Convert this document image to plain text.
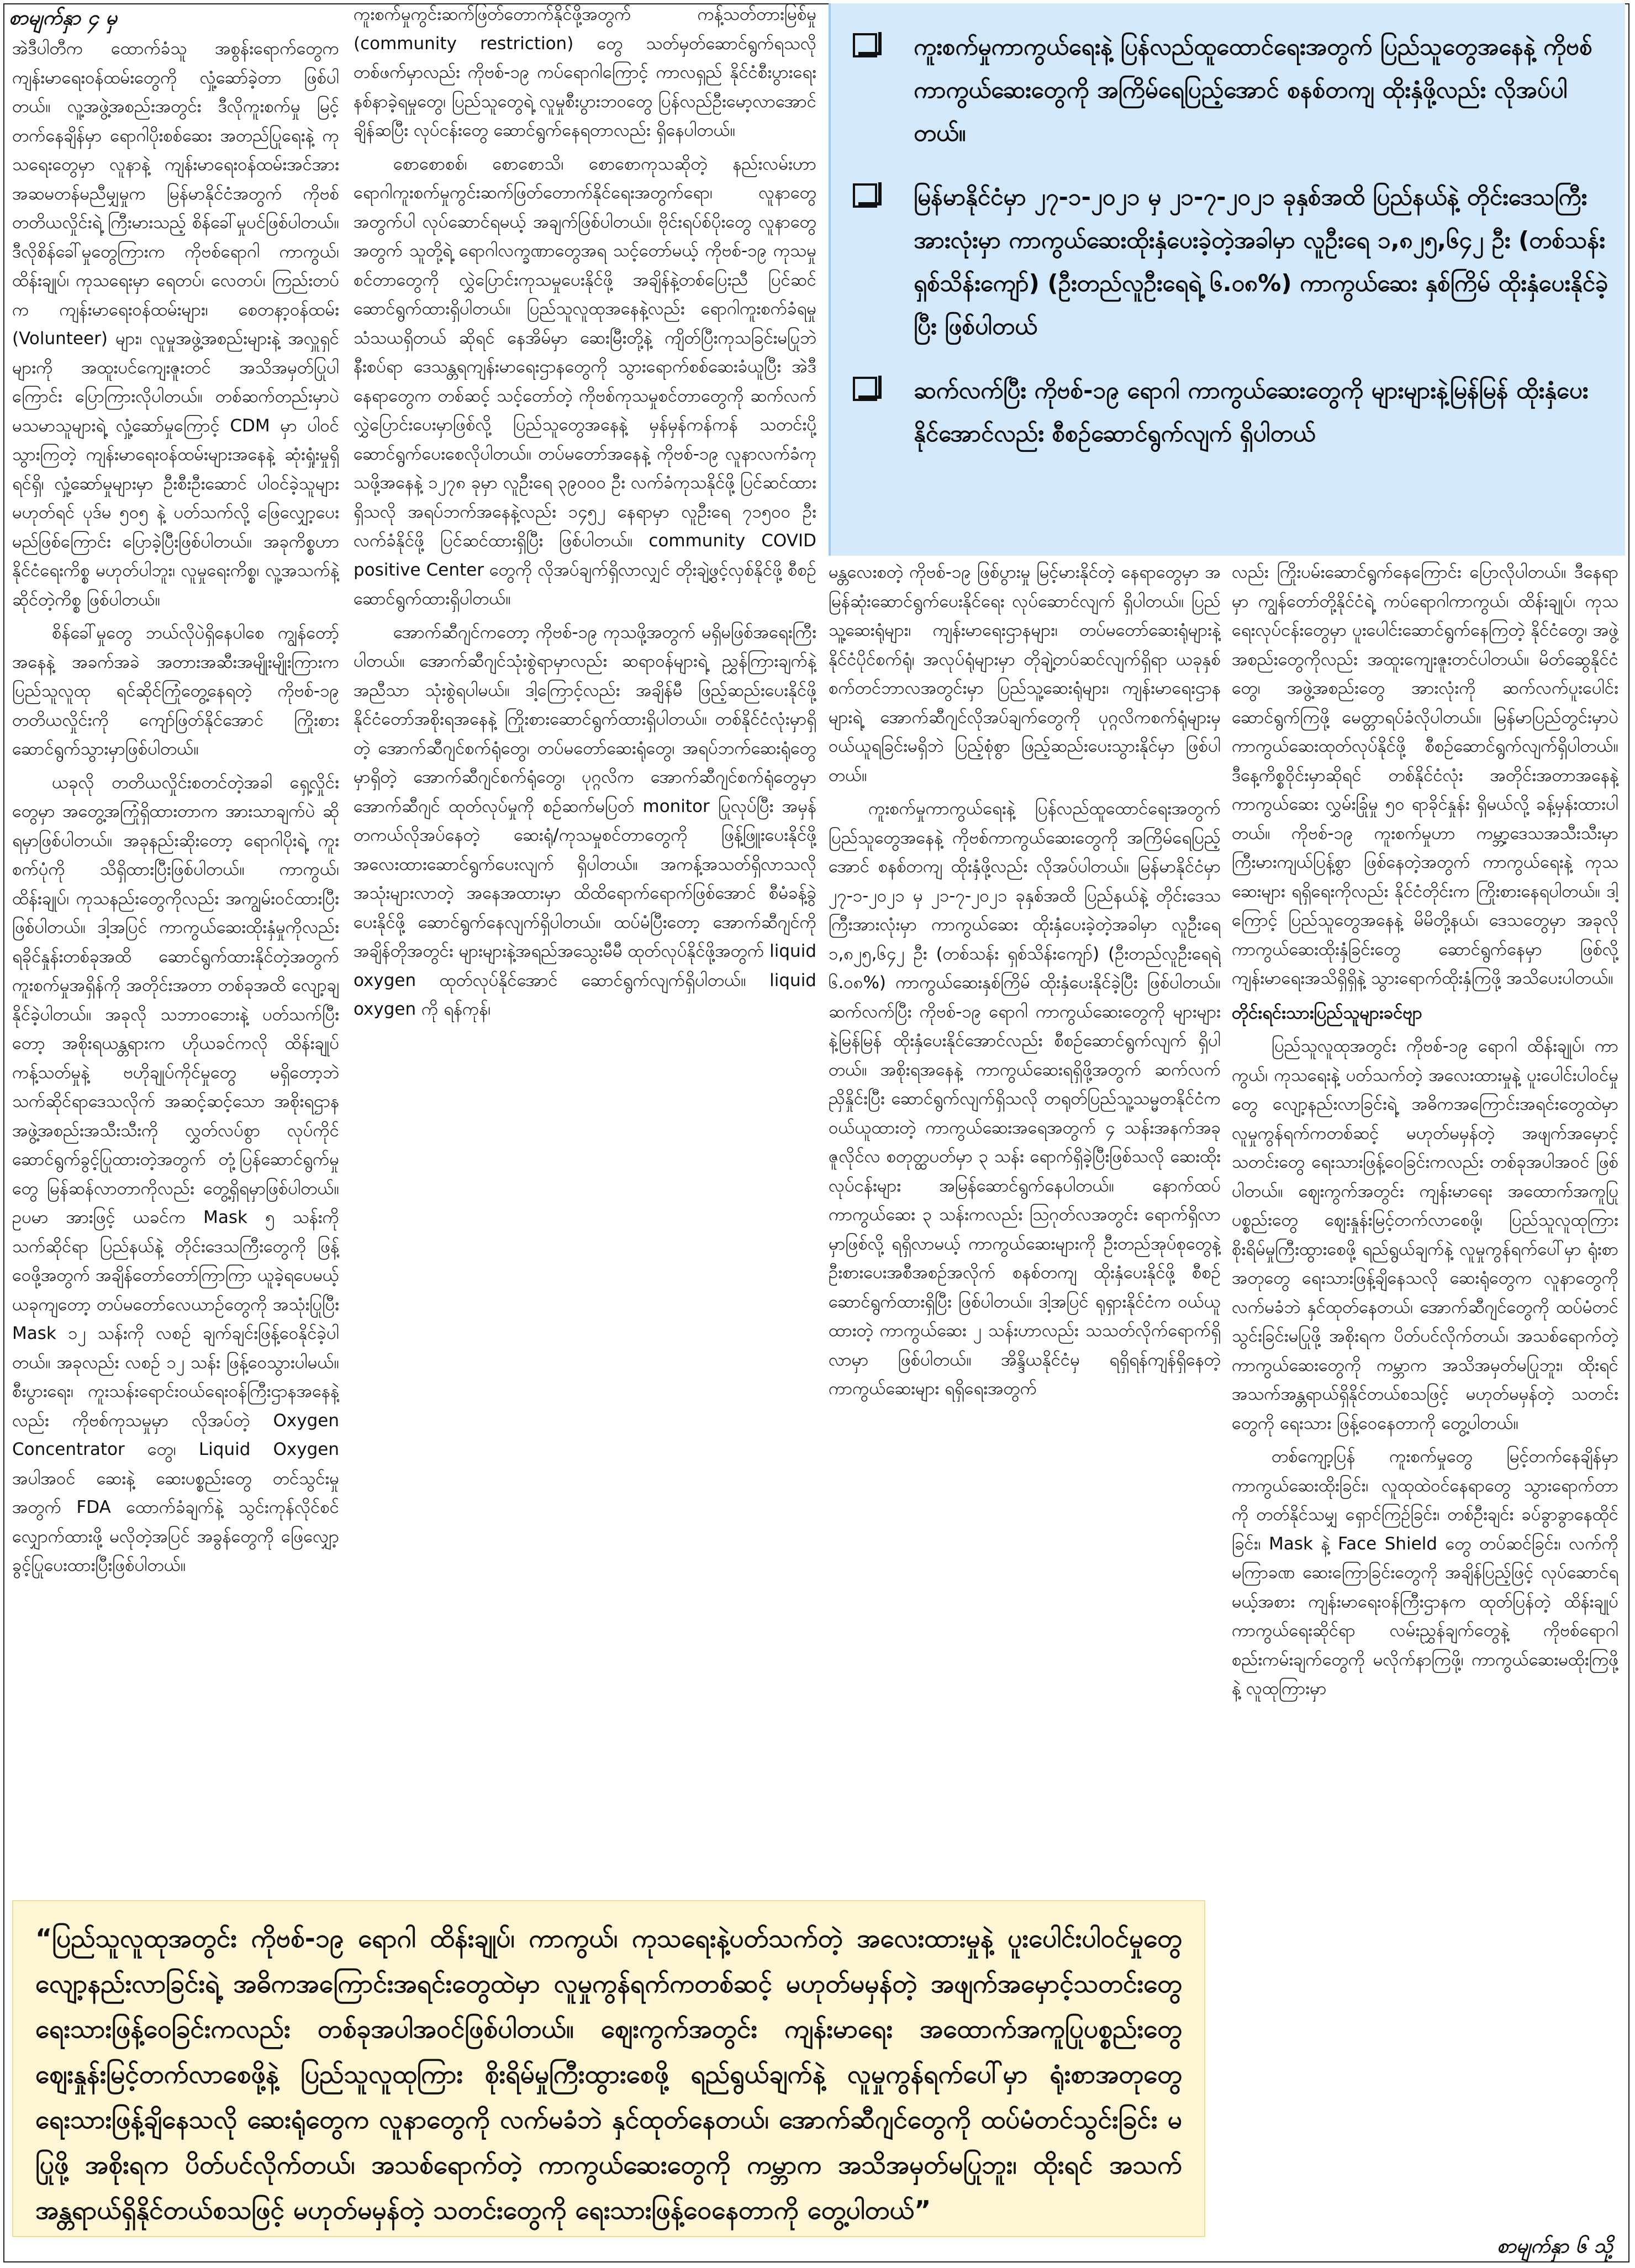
စာမျက်နှာ ၄ မှ

အဲဒီပါတီက ထောက်ခံသူ အစွန်းရောက်တွေက ကျန်းမာရေးဝန်ထမ်းတွေကို လှုံ့ဆော်ခဲ့တာ ဖြစ်ပါတယ်။ လူ့အဖွဲ့အစည်းအတွင်း ဒီလိုကူးစက်မှု မြင့်တက်နေချိန်မှာ ရောဂါပိုးစစ်ဆေး အတည်ပြုရေးနဲ့ ကုသရေးတွေမှာ လူနာနဲ့ ကျန်းမာရေးဝန်ထမ်းအင်အား အဆမတန်မညီမျှမှုက မြန်မာနိုင်ငံအတွက် ကိုဗစ်တတိယလှိုင်းရဲ့ ကြီးမားသည့် စိန်ခေါ်မှုပင်ဖြစ်ပါတယ်။ ဒီလိုစိန်ခေါ်မှုတွေကြားက ကိုဗစ်ရောဂါ ကာကွယ်၊ ထိန်းချုပ်၊ ကုသရေးမှာ ရေတပ်၊ လေတပ်၊ ကြည်းတပ်က ကျန်းမာရေးဝန်ထမ်းများ၊ စေတနာ့ဝန်ထမ်း (Volunteer) များ၊ လူမှုအဖွဲ့အစည်းများနဲ့ အလှူရှင်များကို အထူးပင်ကျေးဇူးတင် အသိအမှတ်ပြုပါကြောင်း ပြောကြားလိုပါတယ်။ တစ်ဆက်တည်းမှာပဲ မသမာသူများရဲ့ လှုံ့ဆော်မှုကြောင့် CDM မှာ ပါဝင်သွားကြတဲ့ ကျန်းမာရေးဝန်ထမ်းများအနေနဲ့ ဆုံးရှုံးမှုရှိရင်ရှိ၊ လှုံ့ဆော်မှုများမှာ ဦးစီးဦးဆောင် ပါဝင်ခဲ့သူများမဟုတ်ရင် ပုဒ်မ ၅၀၅ နဲ့ ပတ်သက်လို့ ဖြေလျှော့ပေးမည်ဖြစ်ကြောင်း ပြောခဲ့ပြီးဖြစ်ပါတယ်။ အခုကိစ္စဟာ နိုင်ငံရေးကိစ္စ မဟုတ်ပါဘူး၊ လူမှုရေးကိစ္စ၊ လူ့အသက်နဲ့ ဆိုင်တဲ့ကိစ္စ ဖြစ်ပါတယ်။

စိန်ခေါ်မှုတွေ ဘယ်လိုပဲရှိနေပါစေ ကျွန်တော့်အနေနဲ့ အခက်အခဲ အတားအဆီးအမျိုးမျိုးကြားက ပြည်သူလူထု ရင်ဆိုင်ကြုံတွေ့နေရတဲ့ ကိုဗစ်-၁၉ တတိယလှိုင်းကို ကျော်ဖြတ်နိုင်အောင် ကြိုးစားဆောင်ရွက်သွားမှာဖြစ်ပါတယ်။

ယခုလို တတိယလှိုင်းစတင်တဲ့အခါ ရှေ့လှိုင်းတွေမှာ အတွေ့အကြုံရှိထားတာက အားသာချက်ပဲ ဆိုရမှာဖြစ်ပါတယ်။ အခုနည်းဆိုးတော့ ရောဂါပိုးရဲ့ ကူးစက်ပုံကို သိရှိထားပြီးဖြစ်ပါတယ်။ ကာကွယ်၊ ထိန်းချုပ်၊ ကုသနည်းတွေကိုလည်း အကျွမ်းဝင်ထားပြီး ဖြစ်ပါတယ်။ ဒါ့အပြင် ကာကွယ်ဆေးထိုးနှံမှုကိုလည်း ရခိုင်နှုန်းတစ်ခုအထိ ဆောင်ရွက်ထားနိုင်တဲ့အတွက် ကူးစက်မှုအရှိန်ကို အတိုင်းအတာ တစ်ခုအထိ လျော့ချနိုင်ခဲ့ပါတယ်။ အခုလို သဘာဝဘေးနဲ့ ပတ်သက်ပြီးတော့ အစိုးရယန္တရားက ဟိုယခင်ကလို ထိန်းချုပ်ကန့်သတ်မှုနဲ့ ဗဟိုချုပ်ကိုင်မှုတွေ မရှိတော့ဘဲ သက်ဆိုင်ရာဒေသလိုက် အဆင့်ဆင့်သော အစိုးရဌာနအဖွဲ့အစည်းအသီးသီးကို လွှတ်လပ်စွာ လုပ်ကိုင်ဆောင်ရွက်ခွင့်ပြုထားတဲ့အတွက် တုံ့ပြန်ဆောင်ရွက်မှုတွေ မြန်ဆန်လာတာကိုလည်း တွေ့ရှိရမှာဖြစ်ပါတယ်။ ဥပမာ အားဖြင့် ယခင်က Mask ၅ သန်းကို သက်ဆိုင်ရာ ပြည်နယ်နဲ့ တိုင်းဒေသကြီးတွေကို ဖြန့်ဝေဖို့အတွက် အချိန်တော်တော်ကြာကြာ ယူခဲ့ရပေမယ့် ယခုကျတော့ တပ်မတော်လေယာဉ်တွေကို အသုံးပြုပြီး Mask ၁၂ သန်းကို လစဉ် ချက်ချင်းဖြန့်ဝေနိုင်ခဲ့ပါတယ်။ အခုလည်း လစဉ် ၁၂ သန်း ဖြန့်ဝေသွားပါမယ်။ စီးပွားရေး၊ ကူးသန်းရောင်းဝယ်ရေးဝန်ကြီးဌာနအနေနဲ့လည်း ကိုဗစ်ကုသမှုမှာ လိုအပ်တဲ့ Oxygen Concentrator တွေ၊ Liquid Oxygen အပါအဝင် ဆေးနဲ့ ဆေးပစ္စည်းတွေ တင်သွင်းမှုအတွက် FDA ထောက်ခံချက်နဲ့ သွင်းကုန်လိုင်စင် လျှောက်ထားဖို့ မလိုတဲ့အပြင် အခွန်တွေကို ဖြေလျှော့ခွင့်ပြုပေးထားပြီးဖြစ်ပါတယ်။

ကူးစက်မှုကွင်းဆက်ဖြတ်တောက်နိုင်ဖို့အတွက် ကန့်သတ်တားမြစ်မှု (community restriction) တွေ သတ်မှတ်ဆောင်ရွက်ရသလို တစ်ဖက်မှာလည်း ကိုဗစ်-၁၉ ကပ်ရောဂါကြောင့် ကာလရှည် နိုင်ငံစီးပွားရေးနစ်နာခဲ့ရမှုတွေ၊ ပြည်သူတွေရဲ့ လူမှုစီးပွားဘဝတွေ ပြန်လည်ဦးမော့လာအောင် ချိန်ဆပြီး လုပ်ငန်းတွေ ဆောင်ရွက်နေရတာလည်း ရှိနေပါတယ်။

စောစောစစ်၊ စောစောသိ၊ စောစောကုသဆိုတဲ့ နည်းလမ်းဟာ ရောဂါကူးစက်မှုကွင်းဆက်ဖြတ်တောက်နိုင်ရေးအတွက်ရော၊ လူနာတွေအတွက်ပါ လုပ်ဆောင်ရမယ့် အချက်ဖြစ်ပါတယ်။ ဗိုင်းရပ်စ်ပိုးတွေ လူနာတွေအတွက် သူတို့ရဲ့ ရောဂါလက္ခဏာတွေအရ သင့်တော်မယ့် ကိုဗစ်-၁၉ ကုသမှုစင်တာတွေကို လွှဲပြောင်းကုသမှုပေးနိုင်ဖို့ အချိန်နဲ့တစ်ပြေးညီ ပြင်ဆင်ဆောင်ရွက်ထားရှိပါတယ်။ ပြည်သူလူထုအနေနဲ့လည်း ရောဂါကူးစက်ခံရမှုသံသယရှိတယ် ဆိုရင် နေအိမ်မှာ ဆေးမြီးတို့နဲ့ ကျိတ်ပြီးကုသခြင်းမပြုဘဲ နီးစပ်ရာ ဒေသန္တရကျန်းမာရေးဌာနတွေကို သွားရောက်စစ်ဆေးခံယူပြီး အဲဒီနေရာတွေက တစ်ဆင့် သင့်တော်တဲ့ ကိုဗစ်ကုသမှုစင်တာတွေကို ဆက်လက်လွှဲပြောင်းပေးမှာဖြစ်လို့ ပြည်သူတွေအနေနဲ့ မှန်မှန်ကန်ကန် သတင်းပို့ဆောင်ရွက်ပေးစေလိုပါတယ်။ တပ်မတော်အနေနဲ့ ကိုဗစ်-၁၉ လူနာလက်ခံကုသဖို့အနေနဲ့ ၁၂၇၈ ခုမှာ လူဦးရေ ၃၉၀၀၀ ဦး လက်ခံကုသနိုင်ဖို့ ပြင်ဆင်ထားရှိသလို အရပ်ဘက်အနေနဲ့လည်း ၁၄၅၂ နေရာမှာ လူဦးရေ ၇၁၅၀၀ ဦး လက်ခံနိုင်ဖို့ ပြင်ဆင်ထားရှိပြီး ဖြစ်ပါတယ်။ community COVID positive Center တွေကို လိုအပ်ချက်ရှိလာလျှင် တိုးချဲ့ဖွင့်လှစ်နိုင်ဖို့ စီစဉ်ဆောင်ရွက်ထားရှိပါတယ်။

အောက်ဆီဂျင်ကတော့ ကိုဗစ်-၁၉ ကုသဖို့အတွက် မရှိမဖြစ်အရေးကြီးပါတယ်။ အောက်ဆီဂျင်သုံးစွဲရာမှာလည်း ဆရာဝန်များရဲ့ ညွှန်ကြားချက်နဲ့ အညီသာ သုံးစွဲရပါမယ်။ ဒါ့ကြောင့်လည်း အချိန်မီ ဖြည့်ဆည်းပေးနိုင်ဖို့ နိုင်ငံတော်အစိုးရအနေနဲ့ ကြိုးစားဆောင်ရွက်ထားရှိပါတယ်။ တစ်နိုင်ငံလုံးမှာရှိတဲ့ အောက်ဆီဂျင်စက်ရုံတွေ၊ တပ်မတော်ဆေးရုံတွေ၊ အရပ်ဘက်ဆေးရုံတွေမှာရှိတဲ့ အောက်ဆီဂျင်စက်ရုံတွေ၊ ပုဂ္ဂလိက အောက်ဆီဂျင်စက်ရုံတွေမှာ အောက်ဆီဂျင် ထုတ်လုပ်မှုကို စဉ်ဆက်မပြတ် monitor ပြုလုပ်ပြီး အမှန်တကယ်လိုအပ်နေတဲ့ ဆေးရုံ/ကုသမှုစင်တာတွေကို ဖြန့်ဖြူးပေးနိုင်ဖို့ အလေးထားဆောင်ရွက်ပေးလျက် ရှိပါတယ်။ အကန့်အသတ်ရှိလာသလို အသုံးများလာတဲ့ အနေအထားမှာ ထိထိရောက်ရောက်ဖြစ်အောင် စီမံခန့်ခွဲပေးနိုင်ဖို့ ဆောင်ရွက်နေလျက်ရှိပါတယ်။ ထပ်မံပြီးတော့ အောက်ဆီဂျင်ကို အချိန်တိုအတွင်း များများနဲ့အရည်အသွေးမီမီ ထုတ်လုပ်နိုင်ဖို့အတွက် liquid oxygen ထုတ်လုပ်နိုင်အောင် ဆောင်ရွက်လျက်ရှိပါတယ်။ liquid oxygen ကို ရန်ကုန်၊

ကူးစက်မှုကာကွယ်ရေးနဲ့ ပြန်လည်ထူထောင်ရေးအတွက် ပြည်သူတွေအနေနဲ့ ကိုဗစ်ကာကွယ်ဆေးတွေကို အကြိမ်ရေပြည့်အောင် စနစ်တကျ ထိုးနှံဖို့လည်း လိုအပ်ပါတယ်။
မြန်မာနိုင်ငံမှာ ၂၇-၁-၂၀၂၁ မှ ၂၁-၇-၂၀၂၁ ခုနှစ်အထိ ပြည်နယ်နဲ့ တိုင်းဒေသကြီးအားလုံးမှာ ကာကွယ်ဆေးထိုးနှံပေးခဲ့တဲ့အခါမှာ လူဦးရေ ၁,၈၂၅,၆၄၂ ဦး (တစ်သန်း ရှစ်သိန်းကျော်) (ဦးတည်လူဦးရေရဲ့ ၆.၀၈%) ကာကွယ်ဆေး နှစ်ကြိမ် ထိုးနှံပေးနိုင်ခဲ့ပြီး ဖြစ်ပါတယ်
ဆက်လက်ပြီး ကိုဗစ်-၁၉ ရောဂါ ကာကွယ်ဆေးတွေကို များများနဲ့မြန်မြန် ထိုးနှံပေးနိုင်အောင်လည်း စီစဉ်ဆောင်ရွက်လျက် ရှိပါတယ်

မန္တလေးစတဲ့ ကိုဗစ်-၁၉ ဖြစ်ပွားမှု မြင့်မားနိုင်တဲ့ နေရာတွေမှာ အမြန်ဆုံးဆောင်ရွက်ပေးနိုင်ရေး လုပ်ဆောင်လျက် ရှိပါတယ်။ ပြည်သူ့ဆေးရုံများ၊ ကျန်းမာရေးဌာနများ၊ တပ်မတော်ဆေးရုံများနဲ့ နိုင်ငံပိုင်စက်ရုံ၊ အလုပ်ရုံများမှာ တိုချဲ့တပ်ဆင်လျက်ရှိရာ ယခုနှစ် စက်တင်ဘာလအတွင်းမှာ ပြည်သူ့ဆေးရုံများ၊ ကျန်းမာရေးဌာနများရဲ့ အောက်ဆီဂျင်လိုအပ်ချက်တွေကို ပုဂ္ဂလိကစက်ရုံများမှ ဝယ်ယူရခြင်းမရှိဘဲ ပြည့်စုံစွာ ဖြည့်ဆည်းပေးသွားနိုင်မှာ ဖြစ်ပါတယ်။

ကူးစက်မှုကာကွယ်ရေးနဲ့ ပြန်လည်ထူထောင်ရေးအတွက် ပြည်သူတွေအနေနဲ့ ကိုဗစ်ကာကွယ်ဆေးတွေကို အကြိမ်ရေပြည့်အောင် စနစ်တကျ ထိုးနှံဖို့လည်း လိုအပ်ပါတယ်။ မြန်မာနိုင်ငံမှာ ၂၇-၁-၂၀၂၁ မှ ၂၁-၇-၂၀၂၁ ခုနှစ်အထိ ပြည်နယ်နဲ့ တိုင်းဒေသကြီးအားလုံးမှာ ကာကွယ်ဆေး ထိုးနှံပေးခဲ့တဲ့အခါမှာ လူဦးရေ ၁,၈၂၅,၆၄၂ ဦး (တစ်သန်း ရှစ်သိန်းကျော်) (ဦးတည်လူဦးရေရဲ့ ၆.၀၈%) ကာကွယ်ဆေးနှစ်ကြိမ် ထိုးနှံပေးနိုင်ခဲ့ပြီး ဖြစ်ပါတယ်။ ဆက်လက်ပြီး ကိုဗစ်-၁၉ ရောဂါ ကာကွယ်ဆေးတွေကို များများနဲ့မြန်မြန် ထိုးနှံပေးနိုင်အောင်လည်း စီစဉ်ဆောင်ရွက်လျက် ရှိပါတယ်။ အစိုးရအနေနဲ့ ကာကွယ်ဆေးရရှိဖို့အတွက် ဆက်လက် ညှိနှိုင်းပြီး ဆောင်ရွက်လျက်ရှိသလို တရုတ်ပြည်သူ့သမ္မတနိုင်ငံက ဝယ်ယူထားတဲ့ ကာကွယ်ဆေးအရေအတွက် ၄ သန်းအနက်အခု ဇူလိုင်လ စတုတ္ထပတ်မှာ ၃ သန်း ရောက်ရှိခဲ့ပြီးဖြစ်သလို ဆေးထိုးလုပ်ငန်းများ အမြန်ဆောင်ရွက်နေပါတယ်။ နောက်ထပ်ကာကွယ်ဆေး ၃ သန်းကလည်း ဩဂုတ်လအတွင်း ရောက်ရှိလာမှာဖြစ်လို့ ရရှိလာမယ့် ကာကွယ်ဆေးများကို ဦးတည်အုပ်စုတွေနဲ့ ဦးစားပေးအစီအစဉ်အလိုက် စနစ်တကျ ထိုးနှံပေးနိုင်ဖို့ စီစဉ်ဆောင်ရွက်ထားရှိပြီး ဖြစ်ပါတယ်။ ဒါ့အပြင် ရုရှားနိုင်ငံက ဝယ်ယူထားတဲ့ ကာကွယ်ဆေး ၂ သန်းဟာလည်း သသတ်လိုက်ရောက်ရှိလာမှာ ဖြစ်ပါတယ်။ အိန္ဒိယနိုင်ငံမှ ရရှိရန်ကျန်ရှိနေတဲ့ ကာကွယ်ဆေးများ ရရှိရေးအတွက်

လည်း ကြိုးပမ်းဆောင်ရွက်နေကြောင်း ပြောလိုပါတယ်။ ဒီနေရာမှာ ကျွန်တော်တို့နိုင်ငံရဲ့ ကပ်ရောဂါကာကွယ်၊ ထိန်းချုပ်၊ ကုသရေးလုပ်ငန်းတွေမှာ ပူးပေါင်းဆောင်ရွက်နေကြတဲ့ နိုင်ငံတွေ၊ အဖွဲ့အစည်းတွေကိုလည်း အထူးကျေးဇူးတင်ပါတယ်။ မိတ်ဆွေနိုင်ငံတွေ၊ အဖွဲ့အစည်းတွေ အားလုံးကို ဆက်လက်ပူးပေါင်းဆောင်ရွက်ကြဖို့ မေတ္တာရပ်ခံလိုပါတယ်။ မြန်မာပြည်တွင်းမှာပဲ ကာကွယ်ဆေးထုတ်လုပ်နိုင်ဖို့ စီစဉ်ဆောင်ရွက်လျက်ရှိပါတယ်။ ဒီနေ့ကိစ္စဝိုင်းမှာဆိုရင် တစ်နိုင်ငံလုံး အတိုင်းအတာအနေနဲ့ ကာကွယ်ဆေး လွှမ်းခြုံမှု ၅၀ ရာခိုင်နှုန်း ရှိမယ်လို့ ခန့်မှန်းထားပါတယ်။ ကိုဗစ်-၁၉ ကူးစက်မှုဟာ ကမ္ဘာ့ဒေသအသီးသီးမှာ ကြီးမားကျယ်ပြန့်စွာ ဖြစ်နေတဲ့အတွက် ကာကွယ်ရေးနဲ့ ကုသဆေးများ ရရှိရေးကိုလည်း နိုင်ငံတိုင်းက ကြိုးစားနေရပါတယ်။ ဒါ့ကြောင့် ပြည်သူတွေအနေနဲ့ မိမိတို့နယ်၊ ဒေသတွေမှာ အခုလိုကာကွယ်ဆေးထိုးနှံခြင်းတွေ ဆောင်ရွက်နေမှာ ဖြစ်လို့ ကျန်းမာရေးအသိရှိရှိနဲ့ သွားရောက်ထိုးနှံကြဖို့ အသိပေးပါတယ်။

တိုင်းရင်းသားပြည်သူများခင်ဗျာ

ပြည်သူလူထုအတွင်း ကိုဗစ်-၁၉ ရောဂါ ထိန်းချုပ်၊ ကာကွယ်၊ ကုသရေးနဲ့ ပတ်သက်တဲ့ အလေးထားမှုနဲ့ ပူးပေါင်းပါဝင်မှုတွေ လျော့နည်းလာခြင်းရဲ့ အဓိကအကြောင်းအရင်းတွေထဲမှာ လူမှုကွန်ရက်ကတစ်ဆင့် မဟုတ်မမှန်တဲ့ အဖျက်အမှောင့်သတင်းတွေ ရေးသားဖြန့်ဝေခြင်းကလည်း တစ်ခုအပါအဝင် ဖြစ်ပါတယ်။ ဈေးကွက်အတွင်း ကျန်းမာရေး အထောက်အကူပြုပစ္စည်းတွေ ဈေးနှုန်းမြင့်တက်လာစေဖို့၊ ပြည်သူလူထုကြား စိုးရိမ်မှုကြီးထွားစေဖို့ ရည်ရွယ်ချက်နဲ့ လူမှုကွန်ရက်ပေါ်မှာ ရုံးစာအတုတွေ ရေးသားဖြန့်ချိနေသလို ဆေးရုံတွေက လူနာတွေကို လက်မခံဘဲ နှင်ထုတ်နေတယ်၊ အောက်ဆီဂျင်တွေကို ထပ်မံတင်သွင်းခြင်းမပြုဖို့ အစိုးရက ပိတ်ပင်လိုက်တယ်၊ အသစ်ရောက်တဲ့ ကာကွယ်ဆေးတွေကို ကမ္ဘာက အသိအမှတ်မပြုဘူး၊ ထိုးရင် အသက်အန္တရာယ်ရှိနိုင်တယ်စသဖြင့် မဟုတ်မမှန်တဲ့ သတင်းတွေကို ရေးသား ဖြန့်ဝေနေတာကို တွေ့ပါတယ်။

တစ်ကျော့ပြန် ကူးစက်မှုတွေ မြင့်တက်နေချိန်မှာ ကာကွယ်ဆေးထိုးခြင်း၊ လူထုထဲဝင်နေရာတွေ သွားရောက်တာကို တတ်နိုင်သမျှ ရှောင်ကြဉ်ခြင်း၊ တစ်ဦးချင်း ခပ်ခွာခွာနေထိုင်ခြင်း၊ Mask နဲ့ Face Shield တွေ တပ်ဆင်ခြင်း၊ လက်ကို မကြာခဏ ဆေးကြောခြင်းတွေကို အချိန်ပြည့်ဖြင့် လုပ်ဆောင်ရမယ့်အစား ကျန်းမာရေးဝန်ကြီးဌာနက ထုတ်ပြန်တဲ့ ထိန်းချုပ်ကာကွယ်ရေးဆိုင်ရာ လမ်းညွှန်ချက်တွေနဲ့ ကိုဗစ်ရောဂါ စည်းကမ်းချက်တွေကို မလိုက်နာကြဖို့၊ ကာကွယ်ဆေးမထိုးကြဖို့နဲ့ လူထုကြားမှာ

“ပြည်သူလူထုအတွင်း ကိုဗစ်-၁၉ ရောဂါ ထိန်းချုပ်၊ ကာကွယ်၊ ကုသရေးနဲ့ပတ်သက်တဲ့ အလေးထားမှုနဲ့ ပူးပေါင်းပါဝင်မှုတွေ လျော့နည်းလာခြင်းရဲ့ အဓိကအကြောင်းအရင်းတွေထဲမှာ လူမှုကွန်ရက်ကတစ်ဆင့် မဟုတ်မမှန်တဲ့ အဖျက်အမှောင့်သတင်းတွေ ရေးသားဖြန့်ဝေခြင်းကလည်း တစ်ခုအပါအဝင်ဖြစ်ပါတယ်။ ဈေးကွက်အတွင်း ကျန်းမာရေး အထောက်အကူပြုပစ္စည်းတွေ ဈေးနှုန်းမြင့်တက်လာစေဖို့နဲ့ ပြည်သူလူထုကြား စိုးရိမ်မှုကြီးထွားစေဖို့ ရည်ရွယ်ချက်နဲ့ လူမှုကွန်ရက်ပေါ်မှာ ရုံးစာအတုတွေ ရေးသားဖြန့်ချိနေသလို ဆေးရုံတွေက လူနာတွေကို လက်မခံဘဲ နှင်ထုတ်နေတယ်၊ အောက်ဆီဂျင်တွေကို ထပ်မံတင်သွင်းခြင်း မပြုဖို့ အစိုးရက ပိတ်ပင်လိုက်တယ်၊ အသစ်ရောက်တဲ့ ကာကွယ်ဆေးတွေကို ကမ္ဘာက အသိအမှတ်မပြုဘူး၊ ထိုးရင် အသက်အန္တရာယ်ရှိနိုင်တယ်စသဖြင့် မဟုတ်မမှန်တဲ့ သတင်းတွေကို ရေးသားဖြန့်ဝေနေတာကို တွေ့ပါတယ်”
စာမျက်နှာ ၆ သို့
